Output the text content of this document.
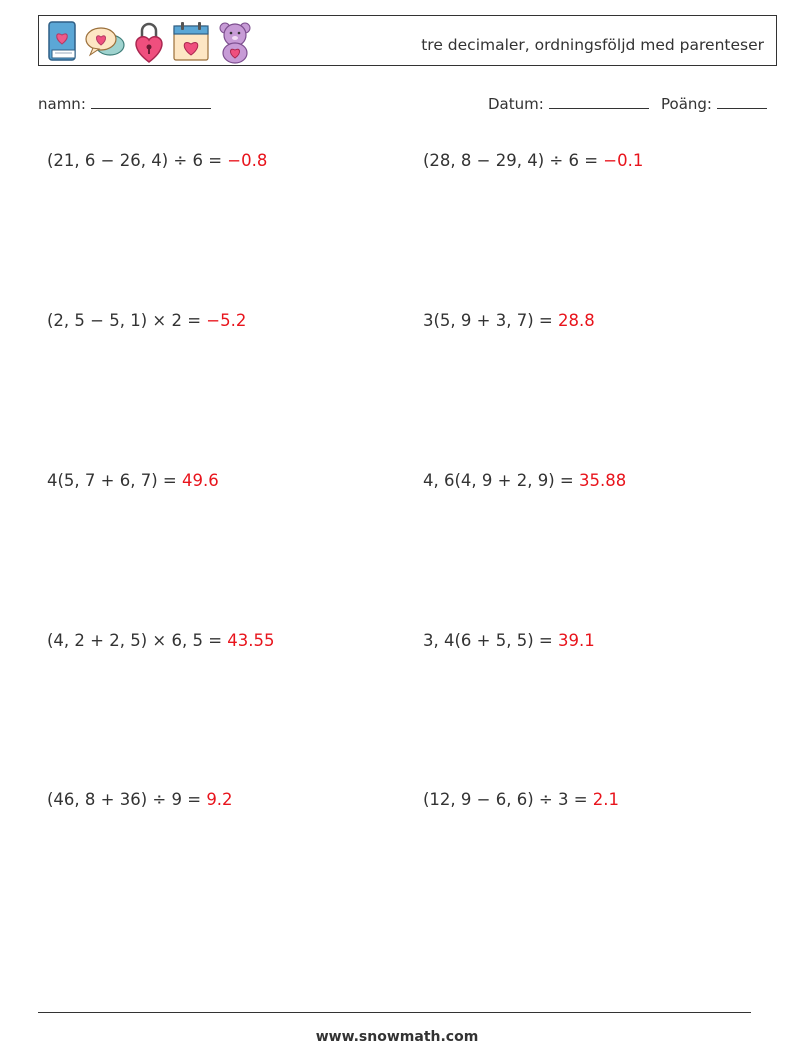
tre decimaler, ordningsföljd med parenteser
namn:	Datum:	Poäng:
(21, 6 − 26, 4) ÷ 6 = −0.8	(28, 8 − 29, 4) ÷ 6 = −0.1
(2, 5 − 5, 1) × 2 = −5.2	3(5, 9 + 3, 7) = 28.8
4(5, 7 + 6, 7) = 49.6	4, 6(4, 9 + 2, 9) = 35.88
(4, 2 + 2, 5) × 6, 5 = 43.55	3, 4(6 + 5, 5) = 39.1
(46, 8 + 36) ÷ 9 = 9.2	(12, 9 − 6, 6) ÷ 3 = 2.1
www.snowmath.com
